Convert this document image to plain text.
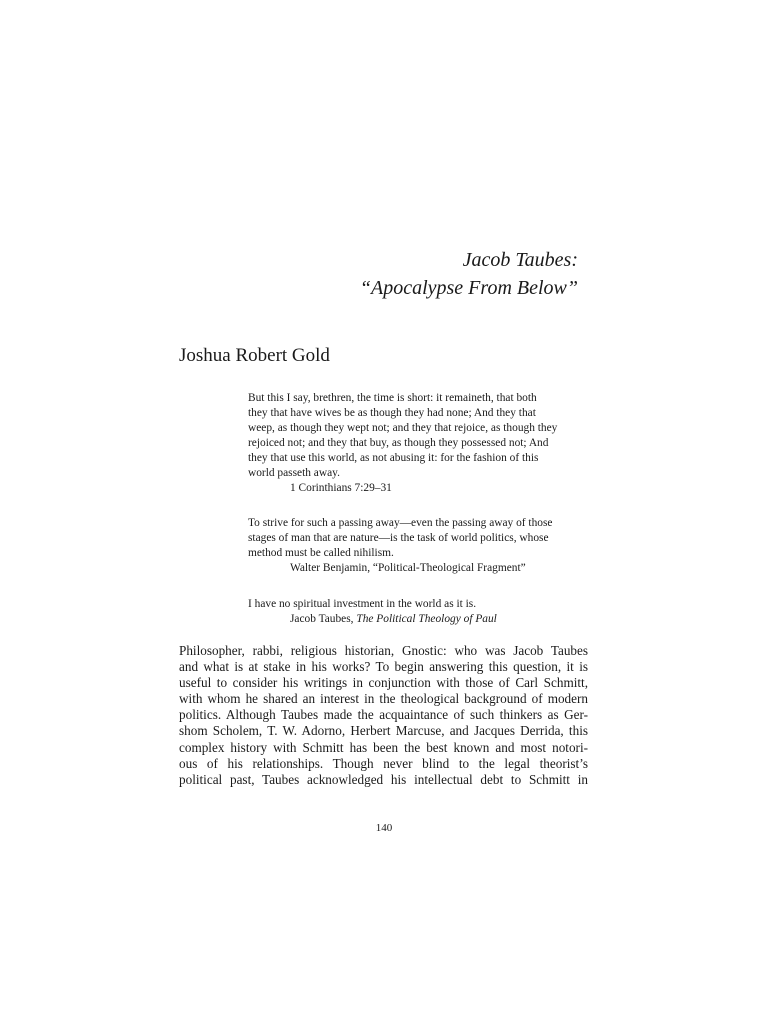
Jacob Taubes:
“Apocalypse From Below”
Joshua Robert Gold
But this I say, brethren, the time is short: it remaineth, that both
they that have wives be as though they had none; And they that
weep, as though they wept not; and they that rejoice, as though they
rejoiced not; and they that buy, as though they possessed not; And
they that use this world, as not abusing it: for the fashion of this
world passeth away.
1 Corinthians 7:29–31
To strive for such a passing away—even the passing away of those
stages of man that are nature—is the task of world politics, whose
method must be called nihilism.
Walter Benjamin, “Political-Theological Fragment”
I have no spiritual investment in the world as it is.
Jacob Taubes, The Political Theology of Paul
Philosopher, rabbi, religious historian, Gnostic: who was Jacob Taubes
and what is at stake in his works? To begin answering this question, it is
useful to consider his writings in conjunction with those of Carl Schmitt,
with whom he shared an interest in the theological background of modern
politics. Although Taubes made the acquaintance of such thinkers as Ger-
shom Scholem, T. W. Adorno, Herbert Marcuse, and Jacques Derrida, this
complex history with Schmitt has been the best known and most notori-
ous of his relationships. Though never blind to the legal theorist’s
political past, Taubes acknowledged his intellectual debt to Schmitt in
140
